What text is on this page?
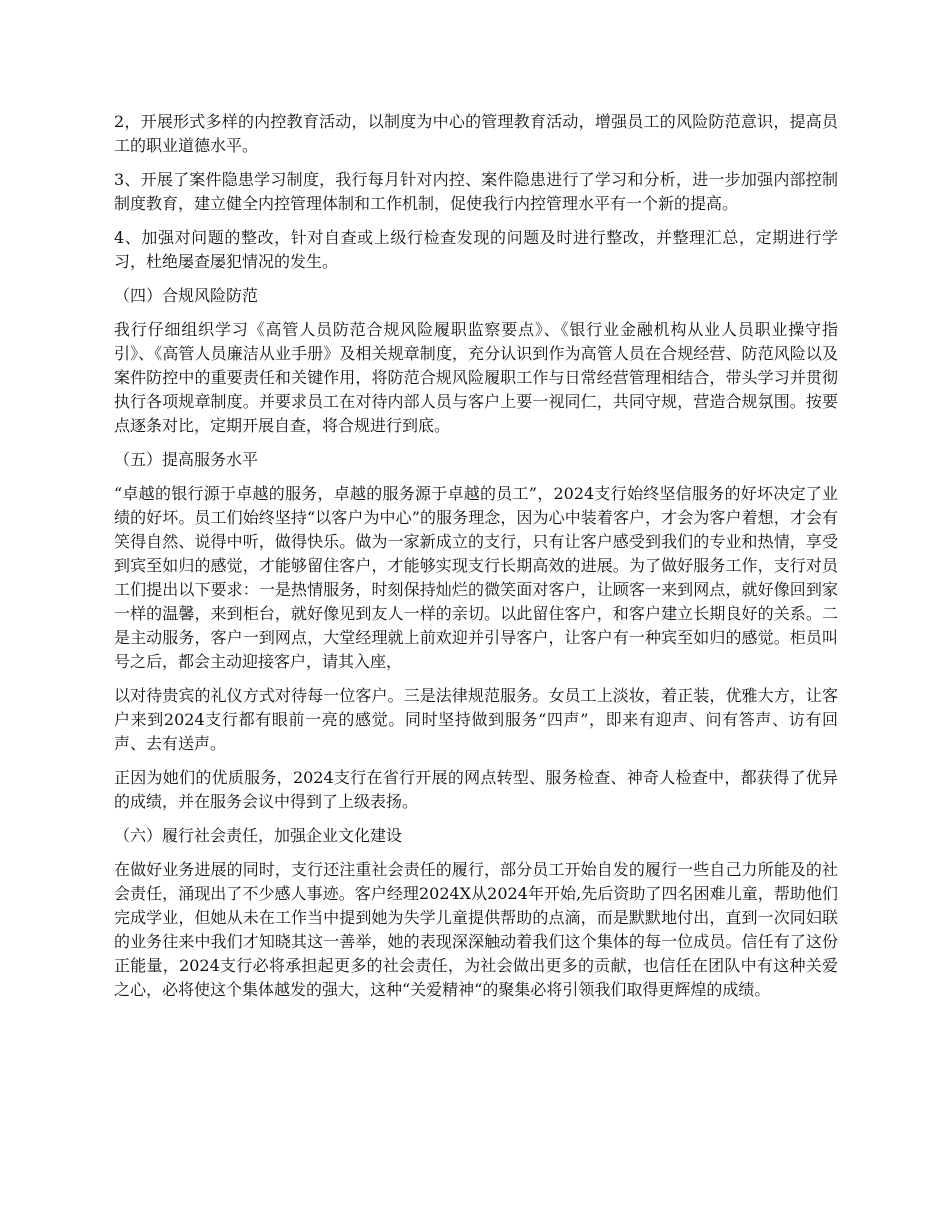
2，开展形式多样的内控教育活动，以制度为中心的管理教育活动，增强员工的风险防范意识，提高员工的职业道德水平。

3、开展了案件隐患学习制度，我行每月针对内控、案件隐患进行了学习和分析，进一步加强内部控制制度教育，建立健全内控管理体制和工作机制，促使我行内控管理水平有一个新的提高。

4、加强对问题的整改，针对自查或上级行检查发现的问题及时进行整改，并整理汇总，定期进行学习，杜绝屡查屡犯情况的发生。

（四）合规风险防范

我行仔细组织学习《高管人员防范合规风险履职监察要点》、《银行业金融机构从业人员职业操守指引》、《高管人员廉洁从业手册》及相关规章制度，充分认识到作为高管人员在合规经营、防范风险以及案件防控中的重要责任和关键作用，将防范合规风险履职工作与日常经营管理相结合，带头学习并贯彻执行各项规章制度。并要求员工在对待内部人员与客户上要一视同仁，共同守规，营造合规氛围。按要点逐条对比，定期开展自查，将合规进行到底。

（五）提高服务水平

“卓越的银行源于卓越的服务，卓越的服务源于卓越的员工”，2024支行始终坚信服务的好坏决定了业绩的好坏。员工们始终坚持“以客户为中心”的服务理念，因为心中装着客户，才会为客户着想，才会有笑得自然、说得中听，做得快乐。做为一家新成立的支行，只有让客户感受到我们的专业和热情，享受到宾至如归的感觉，才能够留住客户，才能够实现支行长期高效的进展。为了做好服务工作，支行对员工们提出以下要求：一是热情服务，时刻保持灿烂的微笑面对客户，让顾客一来到网点，就好像回到家一样的温馨，来到柜台，就好像见到友人一样的亲切。以此留住客户，和客户建立长期良好的关系。二是主动服务，客户一到网点，大堂经理就上前欢迎并引导客户，让客户有一种宾至如归的感觉。柜员叫号之后，都会主动迎接客户，请其入座，

以对待贵宾的礼仪方式对待每一位客户。三是法律规范服务。女员工上淡妆，着正装，优雅大方，让客户来到2024支行都有眼前一亮的感觉。同时坚持做到服务“四声”，即来有迎声、问有答声、访有回声、去有送声。

正因为她们的优质服务，2024支行在省行开展的网点转型、服务检查、神奇人检查中，都获得了优异的成绩，并在服务会议中得到了上级表扬。

（六）履行社会责任，加强企业文化建设

在做好业务进展的同时，支行还注重社会责任的履行，部分员工开始自发的履行一些自己力所能及的社会责任，涌现出了不少感人事迹。客户经理2024X从2024年开始,先后资助了四名困难儿童，帮助他们完成学业，但她从未在工作当中提到她为失学儿童提供帮助的点滴，而是默默地付出，直到一次同妇联的业务往来中我们才知晓其这一善举，她的表现深深触动着我们这个集体的每一位成员。信任有了这份正能量，2024支行必将承担起更多的社会责任，为社会做出更多的贡献，也信任在团队中有这种关爱之心，必将使这个集体越发的强大，这种“关爱精神“的聚集必将引领我们取得更辉煌的成绩。
